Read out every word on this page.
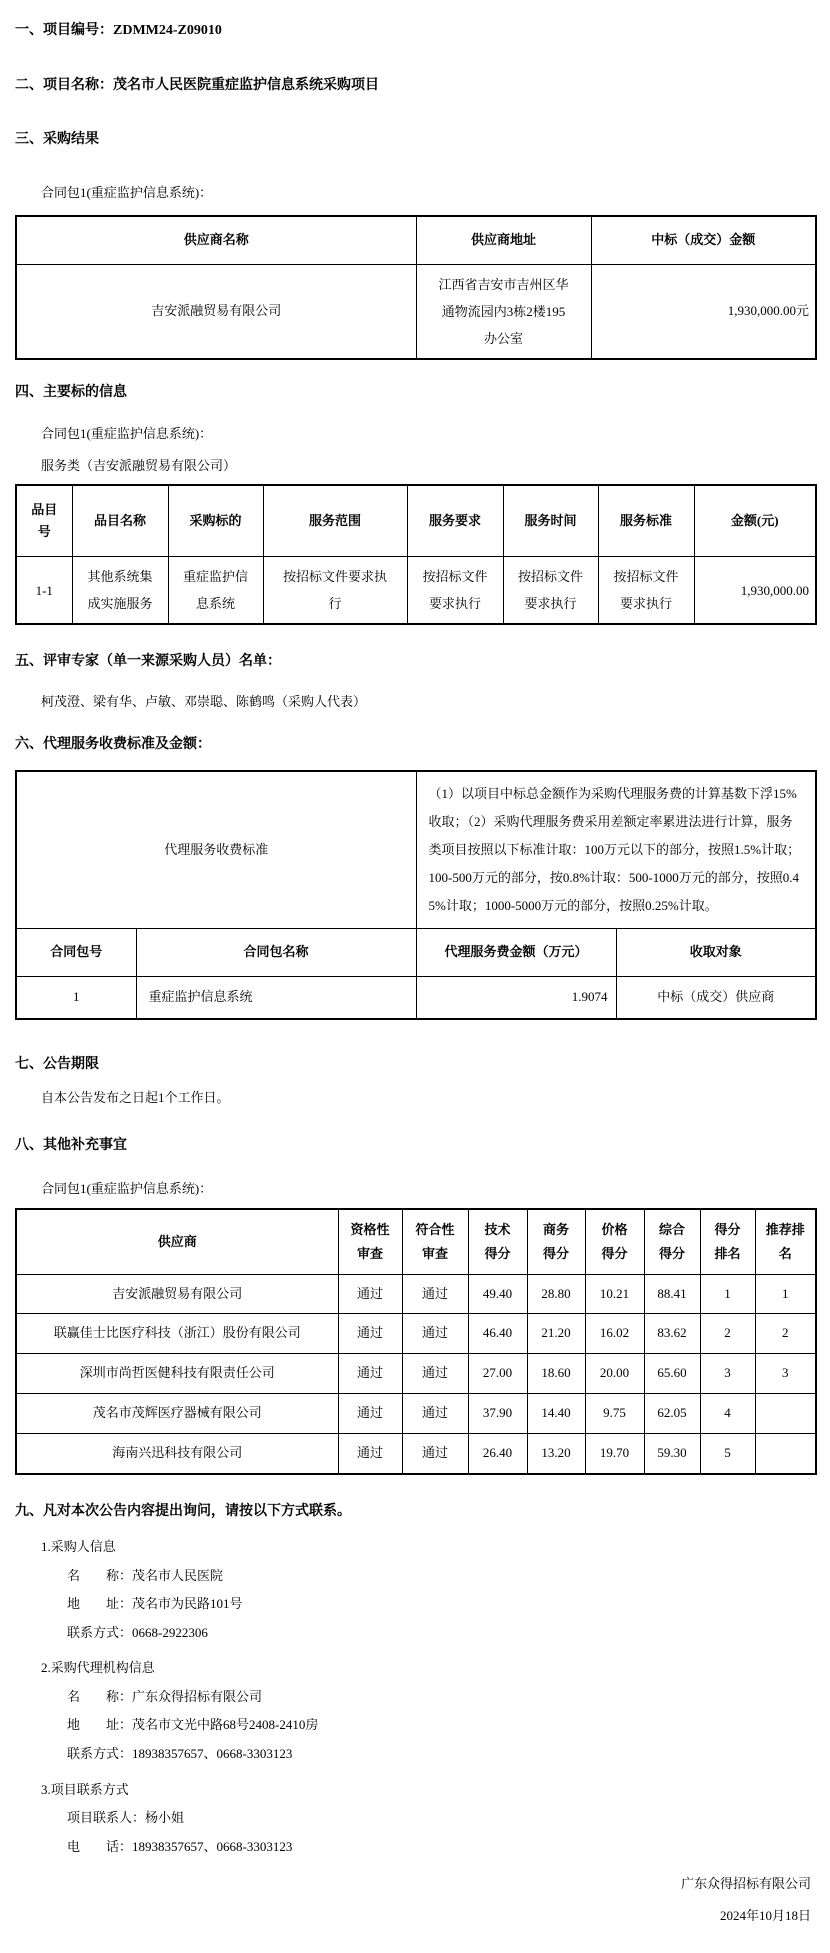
一、项目编号：ZDMM24-Z09010

二、项目名称：茂名市人民医院重症监护信息系统采购项目

三、采购结果

合同包1(重症监护信息系统)：

供应商名称	供应商地址	中标（成交）金额
吉安派融贸易有限公司	江西省吉安市吉州区华通物流园内3栋2楼195办公室	1,930,000.00元

四、主要标的信息

合同包1(重症监护信息系统)：

服务类（吉安派融贸易有限公司）

品目号	品目名称	采购标的	服务范围	服务要求	服务时间	服务标准	金额(元)
1-1	其他系统集成实施服务	重症监护信息系统	按招标文件要求执行	按招标文件要求执行	按招标文件要求执行	按招标文件要求执行	1,930,000.00

五、评审专家（单一来源采购人员）名单：

柯茂澄、梁有华、卢敏、邓崇聪、陈鹤鸣（采购人代表）

六、代理服务收费标准及金额：

代理服务收费标准		（1）以项目中标总金额作为采购代理服务费的计算基数下浮15%收取；（2）采购代理服务费采用差额定率累进法进行计算，服务类项目按照以下标准计取：100万元以下的部分，按照1.5%计取；100-500万元的部分，按0.8%计取：500-1000万元的部分，按照0.45%计取；1000-5000万元的部分，按照0.25%计取。	
合同包号	合同包名称	代理服务费金额（万元）	收取对象
1	重症监护信息系统	1.9074	中标（成交）供应商

七、公告期限

自本公告发布之日起1个工作日。

八、其他补充事宜

合同包1(重症监护信息系统)：

供应商	资格性审查	符合性审查	技术得分	商务得分	价格得分	综合得分	得分排名	推荐排名
吉安派融贸易有限公司	通过	通过	49.40	28.80	10.21	88.41	1	1
联赢佳士比医疗科技（浙江）股份有限公司	通过	通过	46.40	21.20	16.02	83.62	2	2
深圳市尚哲医健科技有限责任公司	通过	通过	27.00	18.60	20.00	65.60	3	3
茂名市茂辉医疗器械有限公司	通过	通过	37.90	14.40	9.75	62.05	4	
海南兴迅科技有限公司	通过	通过	26.40	13.20	19.70	59.30	5	

九、凡对本次公告内容提出询问，请按以下方式联系。

1.采购人信息

名　　称：茂名市人民医院

地　　址：茂名市为民路101号

联系方式：0668-2922306

2.采购代理机构信息

名　　称：广东众得招标有限公司

地　　址：茂名市文光中路68号2408-2410房

联系方式：18938357657、0668-3303123

3.项目联系方式

项目联系人：杨小姐

电　　话：18938357657、0668-3303123

广东众得招标有限公司

2024年10月18日
